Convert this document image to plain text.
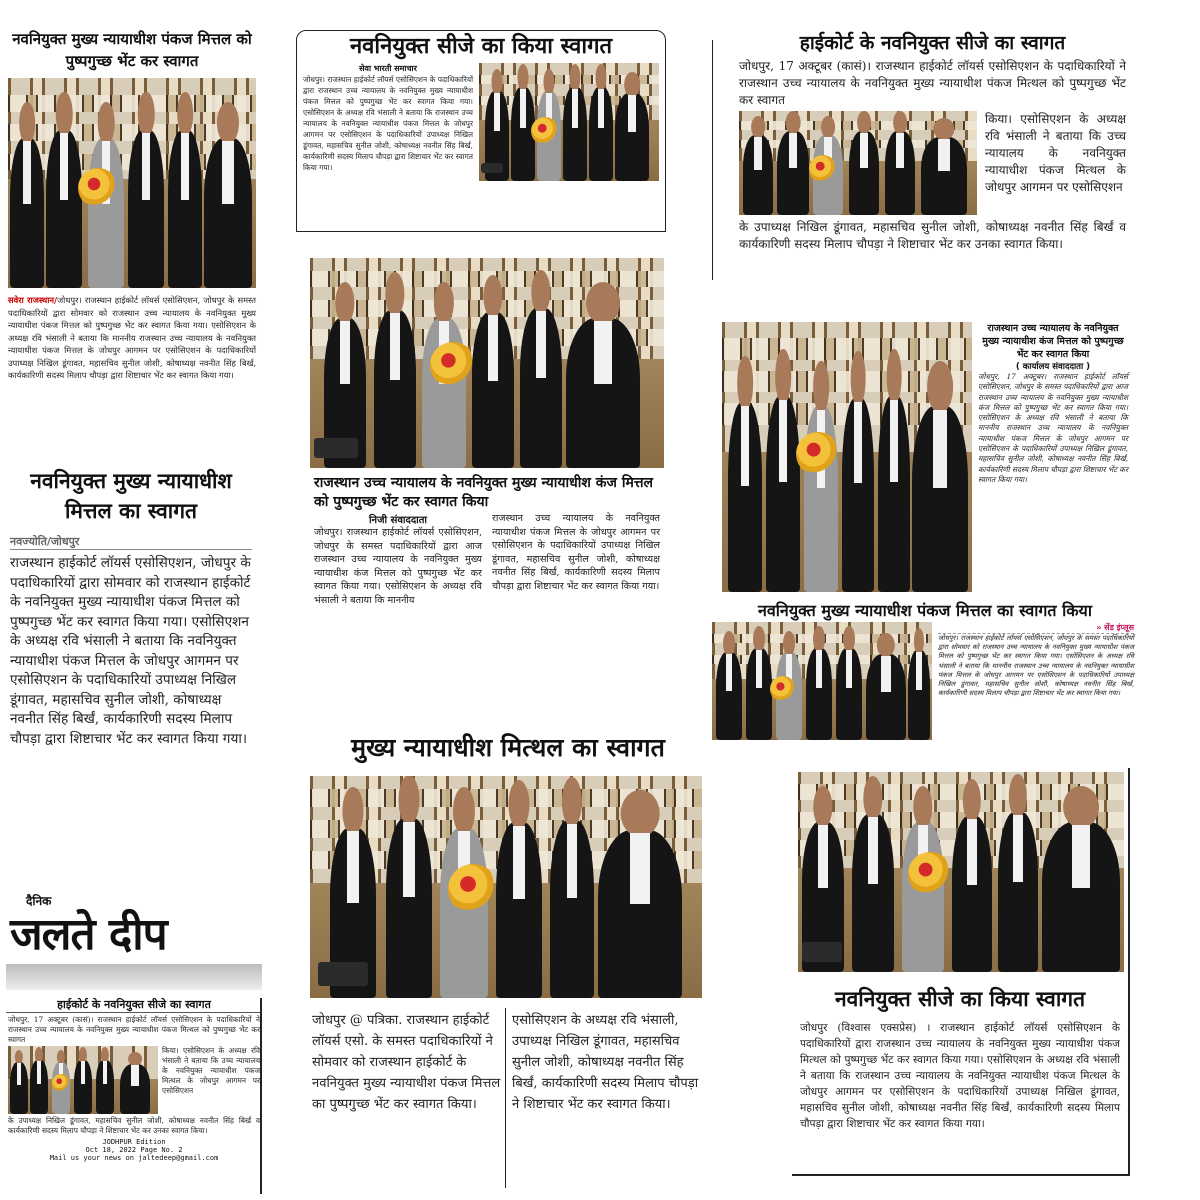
नवनियुक्त मुख्य न्यायाधीश पंकज मित्तल को पुष्पगुच्छ भेंट कर स्वागत

सवेरा राजस्थान/जोधपुर। राजस्थान हाईकोर्ट लॉयर्स एसोसिएशन, जोधपुर के समस्त पदाधिकारियों द्वारा सोमवार को राजस्थान उच्च न्यायालय के नवनियुक्त मुख्य न्यायाधीश पंकज मित्तल को पुष्पगुच्छ भेंट कर स्वागत किया गया। एसोसिएशन के अध्यक्ष रवि भंसाली ने बताया कि माननीय राजस्थान उच्च न्यायालय के नवनियुक्त न्यायाधीश पंकज मित्तल के जोधपुर आगमन पर एसोसिएशन के पदाधिकारियों उपाध्यक्ष निखिल डूंगावत, महासचिव सुनील जोशी, कोषाध्यक्ष नवनीत सिंह बिर्खं, कार्यकारिणी सदस्य मिलाप चौपड़ा द्वारा शिष्टाचार भेंट कर स्वागत किया गया।

नवनियुक्त सीजे का किया स्वागत
सेवा भारती समाचार

जोधपुर। राजस्थान हाईकोर्ट लॉयर्स एसोसिएशन के पदाधिकारियों द्वारा राजस्थान उच्च न्यायालय के नवनियुक्त मुख्य न्यायाधीश पंकज मित्तल को पुष्पगुच्छ भेंट कर स्वागत किया गया। एसोसिएशन के अध्यक्ष रवि भंसाली ने बताया कि राजस्थान उच्च न्यायालय के नवनियुक्त न्यायाधीश पंकज मित्तल के जोधपुर आगमन पर एसोसिएशन के पदाधिकारियों उपाध्यक्ष निखिल डूंगावत, महासचिव सुनील जोशी, कोषाध्यक्ष नवनीत सिंह बिर्खं, कार्यकारिणी सदस्य मिलाप चौपड़ा द्वारा शिष्टाचार भेंट कर स्वागत किया गया।

हाईकोर्ट के नवनियुक्त सीजे का स्वागत

जोधपुर, 17 अक्टूबर (कासं)। राजस्थान हाईकोर्ट लॉयर्स एसोसिएशन के पदाधिकारियों ने राजस्थान उच्च न्यायालय के नवनियुक्त मुख्य न्यायाधीश पंकज मित्थल को पुष्पगुच्छ भेंट कर स्वागत

किया। एसोसिएशन के अध्यक्ष रवि भंसाली ने बताया कि उच्च न्यायालय के नवनियुक्त न्यायाधीश पंकज मित्थल के जोधपुर आगमन पर एसोसिएशन

के उपाध्यक्ष निखिल डूंगावत, महासचिव सुनील जोशी, कोषाध्यक्ष नवनीत सिंह बिर्खं व कार्यकारिणी सदस्य मिलाप चौपड़ा ने शिष्टाचार भेंट कर उनका स्वागत किया।

राजस्थान उच्च न्यायालय के नवनियुक्त मुख्य न्यायाधीश कंज मित्तल को पुष्पगुच्छ भेंट कर स्वागत किया
निजी संवाददाता

जोधपुर। राजस्थान हाईकोर्ट लॉयर्स एसोसिएशन, जोधपुर के समस्त पदाधिकारियों द्वारा आज राजस्थान उच्च न्यायालय के नवनियुक्त मुख्य न्यायाधीश कंज मित्तल को पुष्पगुच्छ भेंट कर स्वागत किया गया। एसोसिएशन के अध्यक्ष रवि भंसाली ने बताया कि माननीय

राजस्थान उच्च न्यायालय के नवनियुक्त न्यायाधीश पंकज मित्तल के जोधपुर आगमन पर एसोसिएशन के पदाधिकारियों उपाध्यक्ष निखिल डूंगावत, महासचिव सुनील जोशी, कोषाध्यक्ष नवनीत सिंह बिर्खं, कार्यकारिणी सदस्य मिलाप चौपड़ा द्वारा शिष्टाचार भेंट कर स्वागत किया गया।

राजस्थान उच्च न्यायालय के नवनियुक्त मुख्य न्यायाधीश कंज मित्तल को पुष्पगुच्छ भेंट कर स्वागत किया
( कार्यालय संवाददाता )

जोधपुर, 17 अक्टूबर। राजस्थान हाईकोर्ट लॉयर्स एसोसिएशन, जोधपुर के समस्त पदाधिकारियों द्वारा आज राजस्थान उच्च न्यायालय के नवनियुक्त मुख्य न्यायाधीश कंज मित्तल को पुष्पगुच्छ भेंट कर स्वागत किया गया। एसोसिएशन के अध्यक्ष रवि भंसाली ने बताया कि माननीय राजस्थान उच्च न्यायालय के नवनियुक्त न्यायाधीश पंकज मित्तल के जोधपुर आगमन पर एसोसिएशन के पदाधिकारियों उपाध्यक्ष निखिल डूंगावत, महासचिव सुनील जोशी, कोषाध्यक्ष नवनीत सिंह बिर्खं, कार्यकारिणी सदस्य मिलाप चौपड़ा द्वारा शिष्टाचार भेंट कर स्वागत किया गया।

नवनियुक्त मुख्य न्यायाधीश पंकज मित्तल का स्वागत किया
» सेंड इंप्लूस

जोधपुर। राजस्थान हाईकोर्ट लॉयर्स एसोसिएशन, जोधपुर के समस्त पदाधिकारियों द्वारा सोमवार को राजस्थान उच्च न्यायालय के नवनियुक्त मुख्य न्यायाधीश पंकज मित्तल को पुष्पगुच्छ भेंट कर स्वागत किया गया। एसोसिएशन के अध्यक्ष रवि भंसाली ने बताया कि माननीय राजस्थान उच्च न्यायालय के नवनियुक्त न्यायाधीश पंकज मित्तल के जोधपुर आगमन पर एसोसिएशन के पदाधिकारियों उपाध्यक्ष निखिल डूंगावत, महासचिव सुनील जोशी, कोषाध्यक्ष नवनीत सिंह बिर्खं, कार्यकारिणी सदस्य मिलाप चौपड़ा द्वारा शिष्टाचार भेंट कर स्वागत किया गया।

नवनियुक्त मुख्य न्यायाधीश मित्तल का स्वागत
नवज्योति/जोधपुर

राजस्थान हाईकोर्ट लॉयर्स एसोसिएशन, जोधपुर के पदाधिकारियों द्वारा सोमवार को राजस्थान हाईकोर्ट के नवनियुक्त मुख्य न्यायाधीश पंकज मित्तल को पुष्पगुच्छ भेंट कर स्वागत किया गया। एसोसिएशन के अध्यक्ष रवि भंसाली ने बताया कि नवनियुक्त न्यायाधीश पंकज मित्तल के जोधपुर आगमन पर एसोसिएशन के पदाधिकारियों उपाध्यक्ष निखिल डूंगावत, महासचिव सुनील जोशी, कोषाध्यक्ष नवनीत सिंह बिर्खं, कार्यकारिणी सदस्य मिलाप चौपड़ा द्वारा शिष्टाचार भेंट कर स्वागत किया गया।

दैनिक
जलते दीप
हाईकोर्ट के नवनियुक्त सीजे का स्वागत

जोधपुर, 17 अक्टूबर (कासं)। राजस्थान हाईकोर्ट लॉयर्स एसोसिएशन के पदाधिकारियों ने राजस्थान उच्च न्यायालय के नवनियुक्त मुख्य न्यायाधीश पंकज मित्थल को पुष्पगुच्छ भेंट कर स्वागत

किया। एसोसिएशन के अध्यक्ष रवि भंसाली ने बताया कि उच्च न्यायालय के नवनियुक्त न्यायाधीश पंकज मित्थल के जोधपुर आगमन पर एसोसिएशन

के उपाध्यक्ष निखिल डूंगावत, महासचिव सुनील जोशी, कोषाध्यक्ष नवनीत सिंह बिर्खं व कार्यकारिणी सदस्य मिलाप चौपड़ा ने शिष्टाचार भेंट कर उनका स्वागत किया।

JODHPUR Edition
Oct 18, 2022 Page No. 2
Mail us your news on jaltedeep@gmail.com
मुख्य न्यायाधीश मित्थल का स्वागत

जोधपुर @ पत्रिका. राजस्थान हाईकोर्ट लॉयर्स एसो. के समस्त पदाधिकारियों ने सोमवार को राजस्थान हाईकोर्ट के नवनियुक्त मुख्य न्यायाधीश पंकज मित्तल का पुष्पगुच्छ भेंट कर स्वागत किया।

एसोसिएशन के अध्यक्ष रवि भंसाली, उपाध्यक्ष निखिल डूंगावत, महासचिव सुनील जोशी, कोषाध्यक्ष नवनीत सिंह बिर्खं, कार्यकारिणी सदस्य मिलाप चौपड़ा ने शिष्टाचार भेंट कर स्वागत किया।

नवनियुक्त सीजे का किया स्वागत

जोधपुर (विश्वास एक्सप्रेस) । राजस्थान हाईकोर्ट लॉयर्स एसोसिएशन के पदाधिकारियों द्वारा राजस्थान उच्च न्यायालय के नवनियुक्त मुख्य न्यायाधीश पंकज मित्थल को पुष्पगुच्छ भेंट कर स्वागत किया गया। एसोसिएशन के अध्यक्ष रवि भंसाली ने बताया कि राजस्थान उच्च न्यायालय के नवनियुक्त न्यायाधीश पंकज मित्थल के जोधपुर आगमन पर एसोसिएशन के पदाधिकारियों उपाध्यक्ष निखिल डूंगावत, महासचिव सुनील जोशी, कोषाध्यक्ष नवनीत सिंह बिर्खं, कार्यकारिणी सदस्य मिलाप चौपड़ा द्वारा शिष्टाचार भेंट कर स्वागत किया गया।
